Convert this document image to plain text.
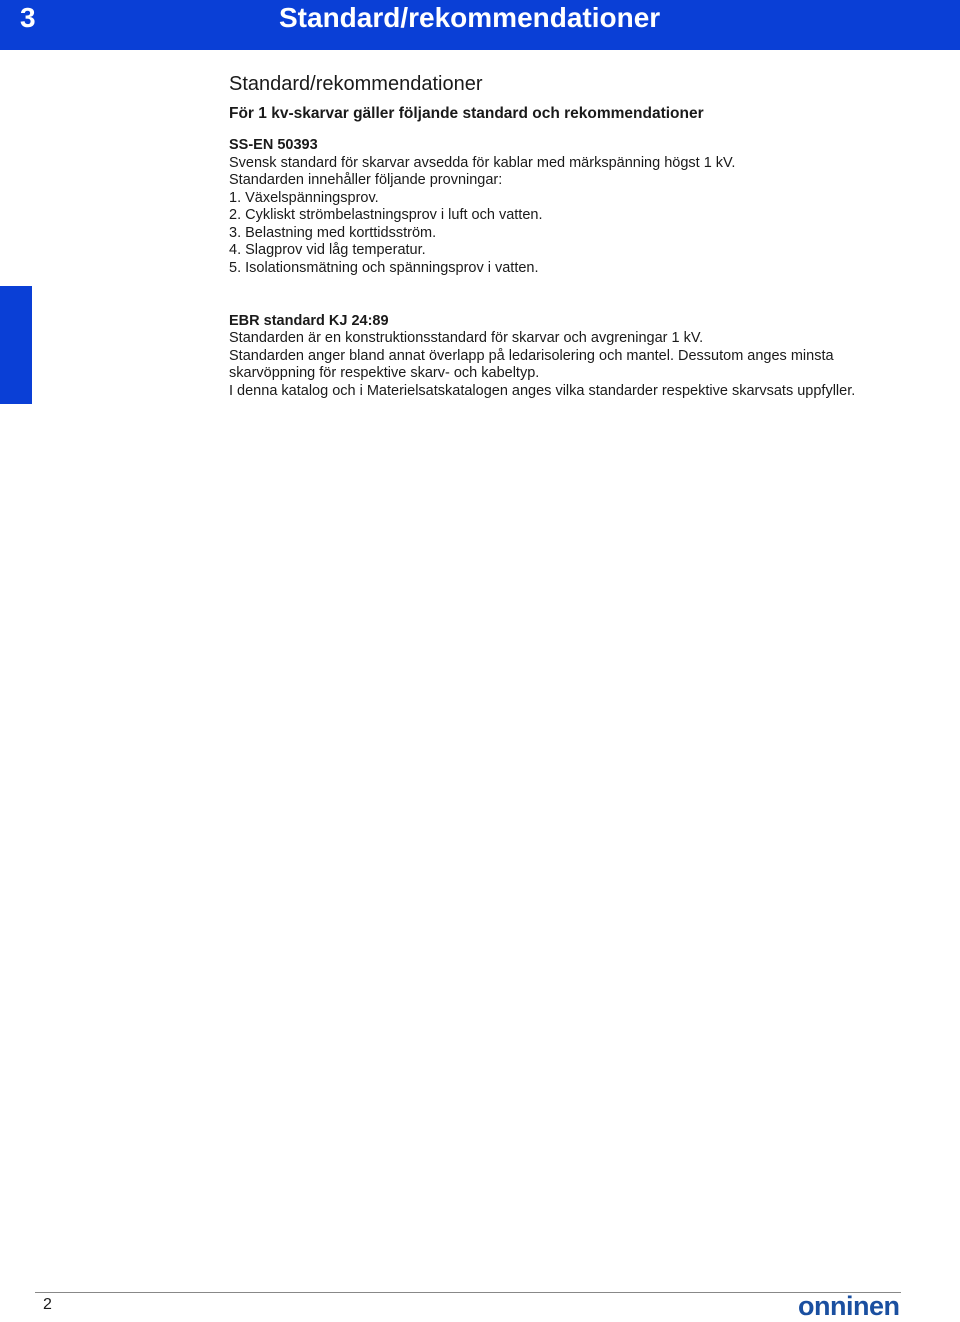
3	Standard/rekommendationer
Standard/rekommendationer
För 1 kv-skarvar gäller följande standard och rekommendationer

SS-EN 50393

Svensk standard för skarvar avsedda för kablar med märkspänning högst 1 kV.

Standarden innehåller följande provningar:

1. Växelspänningsprov.

2. Cykliskt strömbelastningsprov i luft och vatten.

3. Belastning med korttidsström.

4. Slagprov vid låg temperatur.

5. Isolationsmätning och spänningsprov i vatten.

EBR standard KJ 24:89

Standarden är en konstruktionsstandard för skarvar och avgreningar 1 kV.

Standarden anger bland annat överlapp på ledarisolering och mantel. Dessutom anges minsta

skarvöppning för respektive skarv- och kabeltyp.

I denna katalog och i Materielsatskatalogen anges vilka standarder respektive skarvsats uppfyller.

2	onninen
